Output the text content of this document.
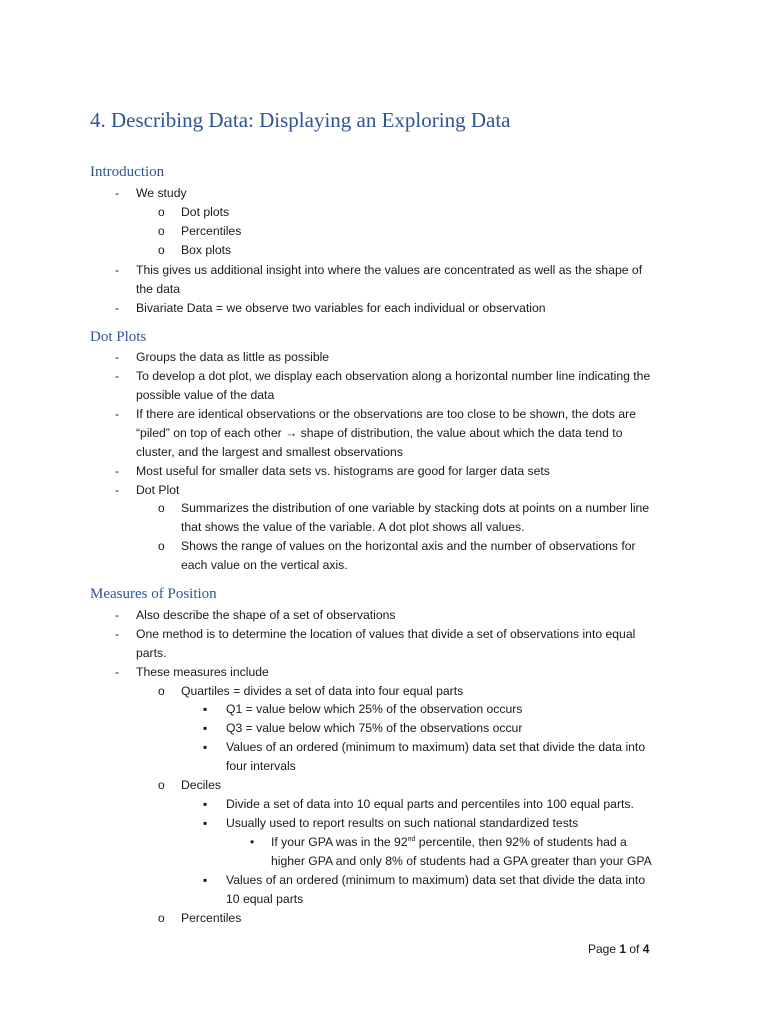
4. Describing Data: Displaying an Exploring Data
Introduction
- We study
o Dot plots
o Percentiles
o Box plots
- This gives us additional insight into where the values are concentrated as well as the shape of
the data
- Bivariate Data = we observe two variables for each individual or observation
Dot Plots
- Groups the data as little as possible
- To develop a dot plot, we display each observation along a horizontal number line indicating the
possible value of the data
- If there are identical observations or the observations are too close to be shown, the dots are
“piled” on top of each other → shape of distribution, the value about which the data tend to
cluster, and the largest and smallest observations
- Most useful for smaller data sets vs. histograms are good for larger data sets
- Dot Plot
o Summarizes the distribution of one variable by stacking dots at points on a number line
that shows the value of the variable. A dot plot shows all values.
o Shows the range of values on the horizontal axis and the number of observations for
each value on the vertical axis.
Measures of Position
- Also describe the shape of a set of observations
- One method is to determine the location of values that divide a set of observations into equal
parts.
- These measures include
o Quartiles = divides a set of data into four equal parts
▪ Q1 = value below which 25% of the observation occurs
▪ Q3 = value below which 75% of the observations occur
▪ Values of an ordered (minimum to maximum) data set that divide the data into
four intervals
o Deciles
▪ Divide a set of data into 10 equal parts and percentiles into 100 equal parts.
▪ Usually used to report results on such national standardized tests
• If your GPA was in the 92nd percentile, then 92% of students had a
higher GPA and only 8% of students had a GPA greater than your GPA
▪ Values of an ordered (minimum to maximum) data set that divide the data into
10 equal parts
o Percentiles
Page 1 of 4
